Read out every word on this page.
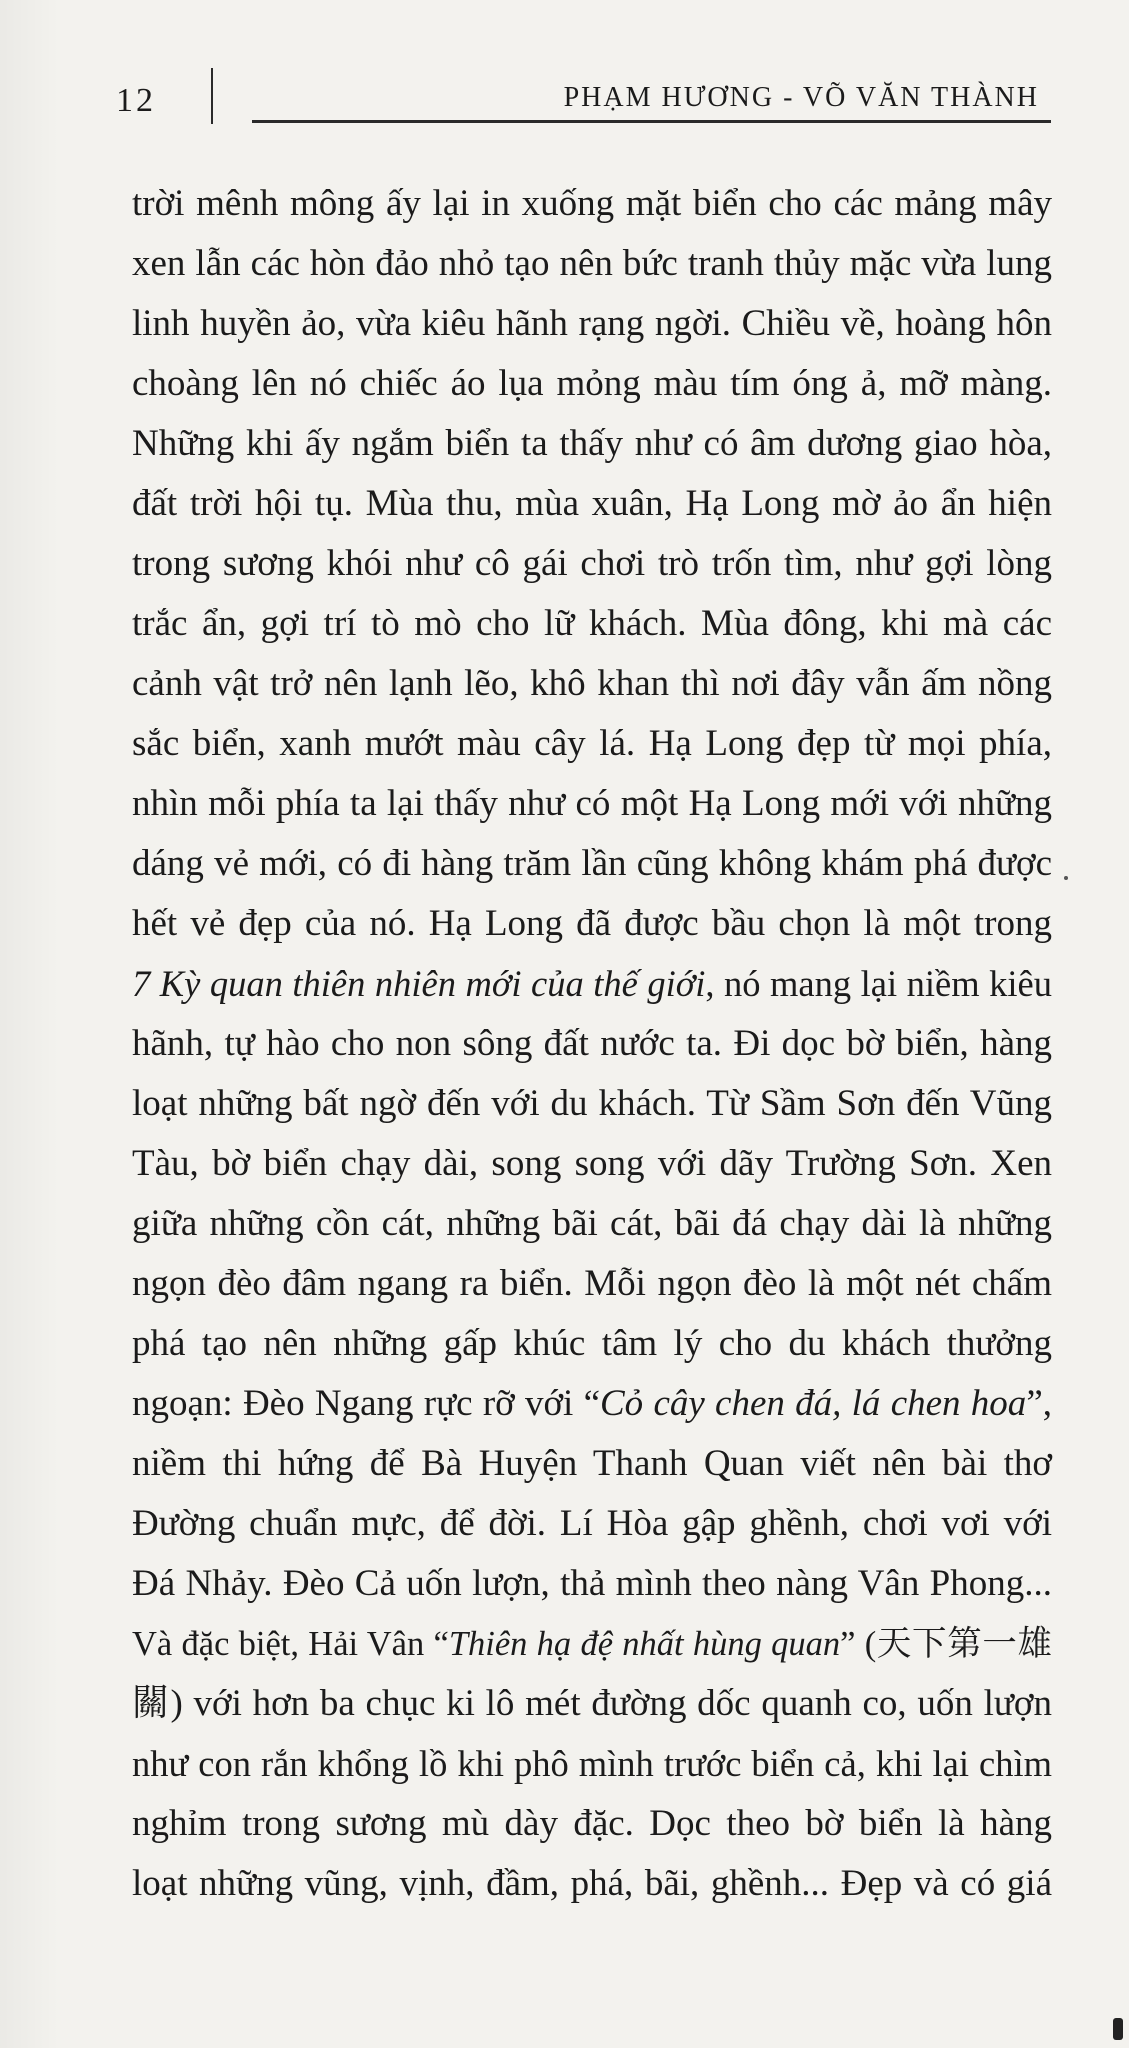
12	PHẠM HƯƠNG - VÕ VĂN THÀNH
trời mênh mông ấy lại in xuống mặt biển cho các mảng mây
xen lẫn các hòn đảo nhỏ tạo nên bức tranh thủy mặc vừa lung
linh huyền ảo, vừa kiêu hãnh rạng ngời. Chiều về, hoàng hôn
choàng lên nó chiếc áo lụa mỏng màu tím óng ả, mỡ màng.
Những khi ấy ngắm biển ta thấy như có âm dương giao hòa,
đất trời hội tụ. Mùa thu, mùa xuân, Hạ Long mờ ảo ẩn hiện
trong sương khói như cô gái chơi trò trốn tìm, như gợi lòng
trắc ẩn, gợi trí tò mò cho lữ khách. Mùa đông, khi mà các
cảnh vật trở nên lạnh lẽo, khô khan thì nơi đây vẫn ấm nồng
sắc biển, xanh mướt màu cây lá. Hạ Long đẹp từ mọi phía,
nhìn mỗi phía ta lại thấy như có một Hạ Long mới với những
dáng vẻ mới, có đi hàng trăm lần cũng không khám phá được
hết vẻ đẹp của nó. Hạ Long đã được bầu chọn là một trong
7 Kỳ quan thiên nhiên mới của thế giới, nó mang lại niềm kiêu
hãnh, tự hào cho non sông đất nước ta. Đi dọc bờ biển, hàng
loạt những bất ngờ đến với du khách. Từ Sầm Sơn đến Vũng
Tàu, bờ biển chạy dài, song song với dãy Trường Sơn. Xen
giữa những cồn cát, những bãi cát, bãi đá chạy dài là những
ngọn đèo đâm ngang ra biển. Mỗi ngọn đèo là một nét chấm
phá tạo nên những gấp khúc tâm lý cho du khách thưởng
ngoạn: Đèo Ngang rực rỡ với “Cỏ cây chen đá, lá chen hoa”,
niềm thi hứng để Bà Huyện Thanh Quan viết nên bài thơ
Đường chuẩn mực, để đời. Lí Hòa gập ghềnh, chơi vơi với
Đá Nhảy. Đèo Cả uốn lượn, thả mình theo nàng Vân Phong...
Và đặc biệt, Hải Vân “Thiên hạ đệ nhất hùng quan” (天下第一雄
關) với hơn ba chục ki lô mét đường dốc quanh co, uốn lượn
như con rắn khổng lồ khi phô mình trước biển cả, khi lại chìm
nghỉm trong sương mù dày đặc. Dọc theo bờ biển là hàng
loạt những vũng, vịnh, đầm, phá, bãi, ghềnh... Đẹp và có giá
